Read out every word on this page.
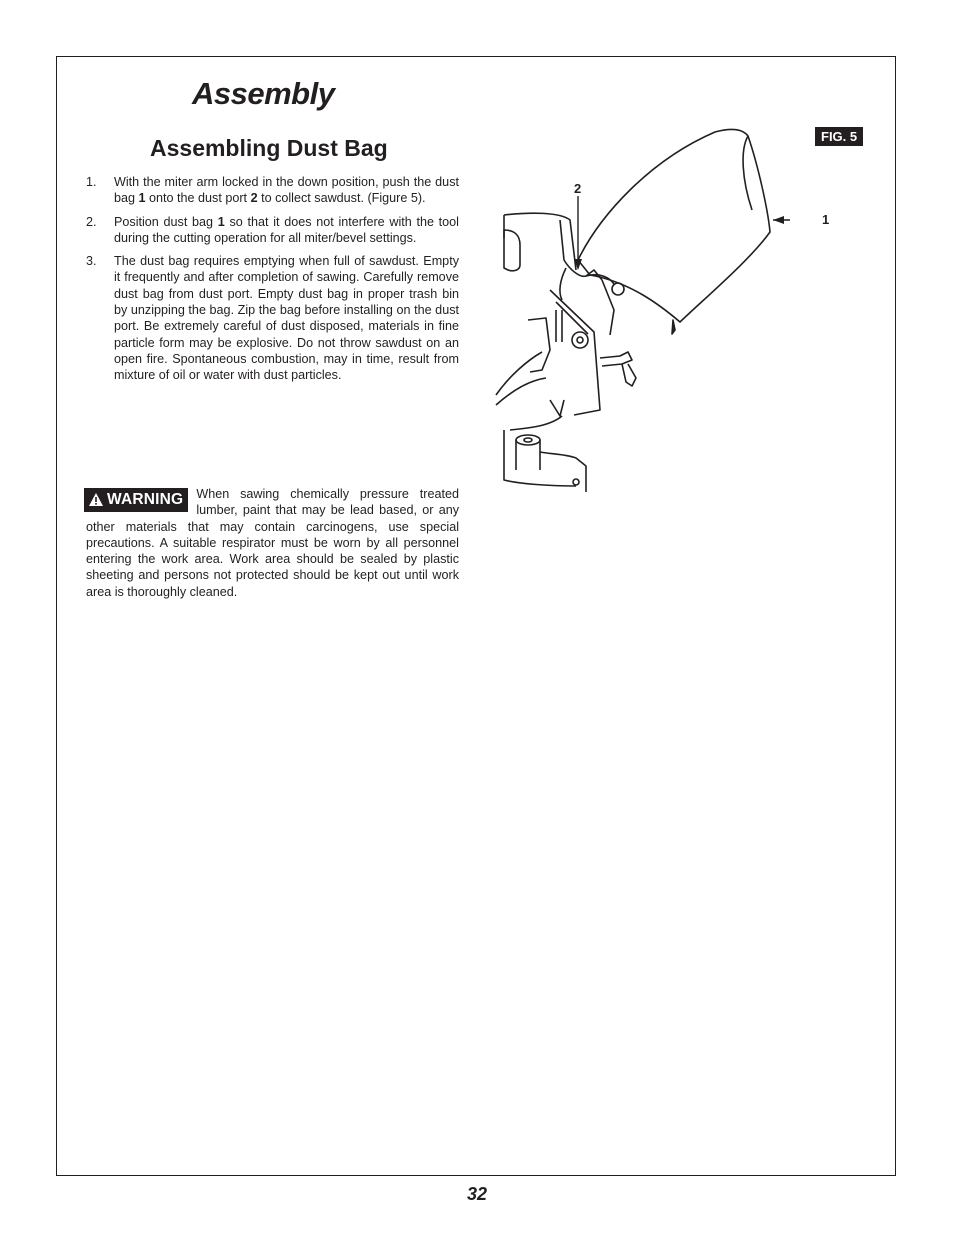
Assembly
Assembling Dust Bag
1. With the miter arm locked in the down position, push the dust bag 1 onto the dust port 2 to collect sawdust. (Figure 5).
2. Position dust bag 1 so that it does not interfere with the tool during the cutting operation for all miter/bevel settings.
3. The dust bag requires emptying when full of sawdust. Empty it frequently and after completion of sawing. Carefully remove dust bag from dust port. Empty dust bag in proper trash bin by unzipping the bag. Zip the bag before installing on the dust port. Be extremely careful of dust disposed, materials in fine particle form may be explosive. Do not throw sawdust on an open fire. Spontaneous combustion, may in time, result from mixture of oil or water with dust particles.
WARNING	When sawing chemically pressure treated lumber, paint that may be lead based, or any other materials that may contain carcinogens, use special precautions. A suitable respirator must be worn by all personnel entering the work area. Work area should be sealed by plastic sheeting and persons not protected should be kept out until work area is thoroughly cleaned.
FIG. 5
1
2
32
